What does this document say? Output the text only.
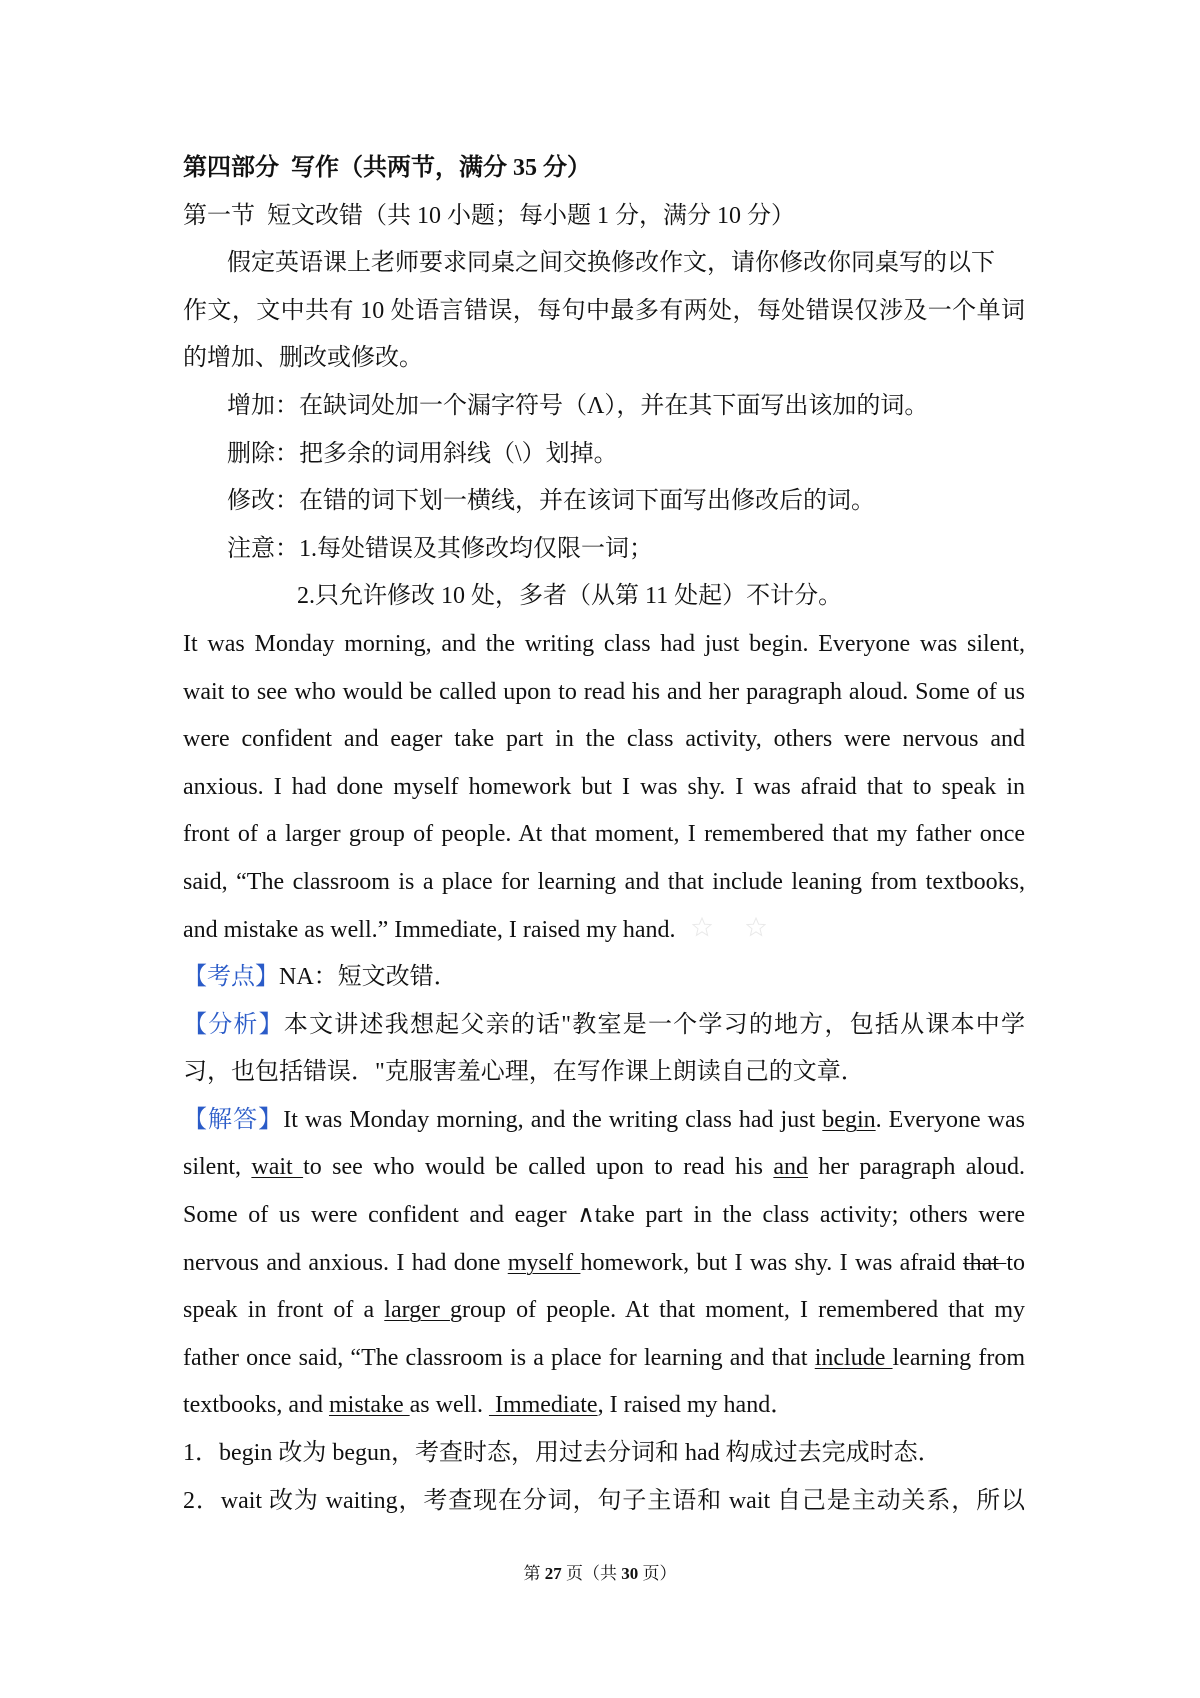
第四部分  写作（共两节，满分 35 分）
第一节  短文改错（共 10 小题；每小题 1 分，满分 10 分）
假定英语课上老师要求同桌之间交换修改作文，请你修改你同桌写的以下
作文，文中共有 10 处语言错误，每句中最多有两处，每处错误仅涉及一个单词
的增加、删改或修改。
增加：在缺词处加一个漏字符号（Λ），并在其下面写出该加的词。
删除：把多余的词用斜线（\）划掉。
修改：在错的词下划一横线，并在该词下面写出修改后的词。
注意：1.每处错误及其修改均仅限一词；
2.只允许修改 10 处，多者（从第 11 处起）不计分。
It was Monday morning, and the writing class had just begin. Everyone was silent,
wait to see who would be called upon to read his and her paragraph aloud. Some of us
were confident and eager take part in the class activity, others were nervous and
anxious. I had done myself homework but I was shy. I was afraid that to speak in
front of a larger group of people. At that moment, I remembered that my father once
said, “The classroom is a place for learning and that include leaning from textbooks,
and mistake as well.” Immediate, I raised my hand.
【考点】NA：短文改错．
【分析】本文讲述我想起父亲的话"教室是一个学习的地方，包括从课本中学
习，也包括错误．"克服害羞心理，在写作课上朗读自己的文章．
【解答】It was Monday morning, and the writing class had just begin. Everyone was
silent, wait to see who would be called upon to read his and her paragraph aloud.
Some of us were confident and eager ∧take part in the class activity; others were
nervous and anxious. I had done myself homework, but I was shy. I was afraid that to
speak in front of a larger group of people. At that moment, I remembered that my
father once said, “The classroom is a place for learning and that include learning from
textbooks, and mistake as well.  Immediate, I raised my hand．
1．begin 改为 begun，考查时态，用过去分词和 had 构成过去完成时态．
2．wait 改为 waiting，考查现在分词，句子主语和 wait 自己是主动关系，所以
第 27 页（共 30 页）
